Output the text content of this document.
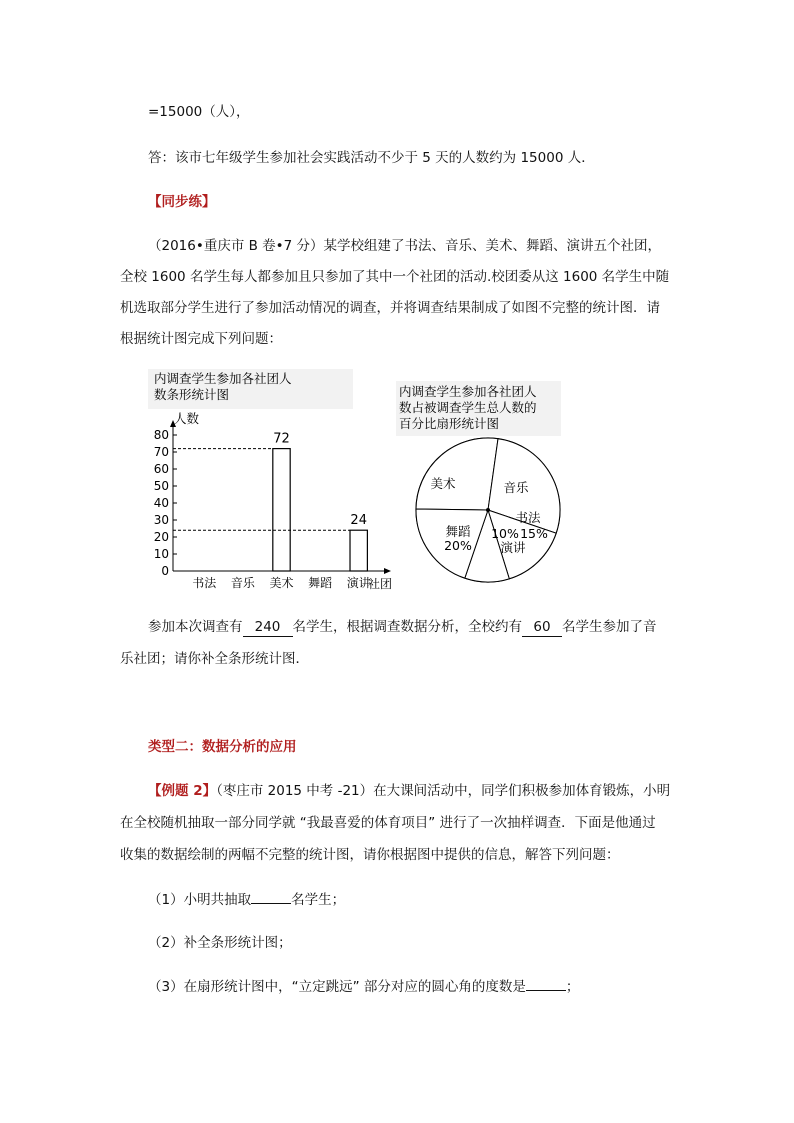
=15000（人），
答：该市七年级学生参加社会实践活动不少于 5 天的人数约为 15000 人．
【同步练】
（2016•重庆市 B 卷•7 分）某学校组建了书法、音乐、美术、舞蹈、演讲五个社团，
全校 1600 名学生每人都参加且只参加了其中一个社团的活动.校团委从这 1600 名学生中随
机选取部分学生进行了参加活动情况的调查，并将调查结果制成了如图不完整的统计图．请
根据统计图完成下列问题：
内调查学生参加各社团人
数条形统计图
人数
社团
0
10
20
30
40
50
60
70
80	72
24
书法 音乐 美术 舞蹈 演讲
内调查学生参加各社团人
数占被调查学生总人数的
百分比扇形统计图
美术	音乐
书法
15%
演讲
10%
舞蹈
20%
参加本次调查有 240 名学生，根据调查数据分析，全校约有 60 名学生参加了音
乐社团；请你补全条形统计图．
类型二：数据分析的应用
【例题 2】（枣庄市 2015 中考 -21）在大课间活动中，同学们积极参加体育锻炼，小明
在全校随机抽取一部分同学就 “我最喜爱的体育项目” 进行了一次抽样调查．下面是他通过
收集的数据绘制的两幅不完整的统计图，请你根据图中提供的信息，解答下列问题：
（1）小明共抽取	名学生；
（2）补全条形统计图；
（3）在扇形统计图中，“立定跳远” 部分对应的圆心角的度数是	；
